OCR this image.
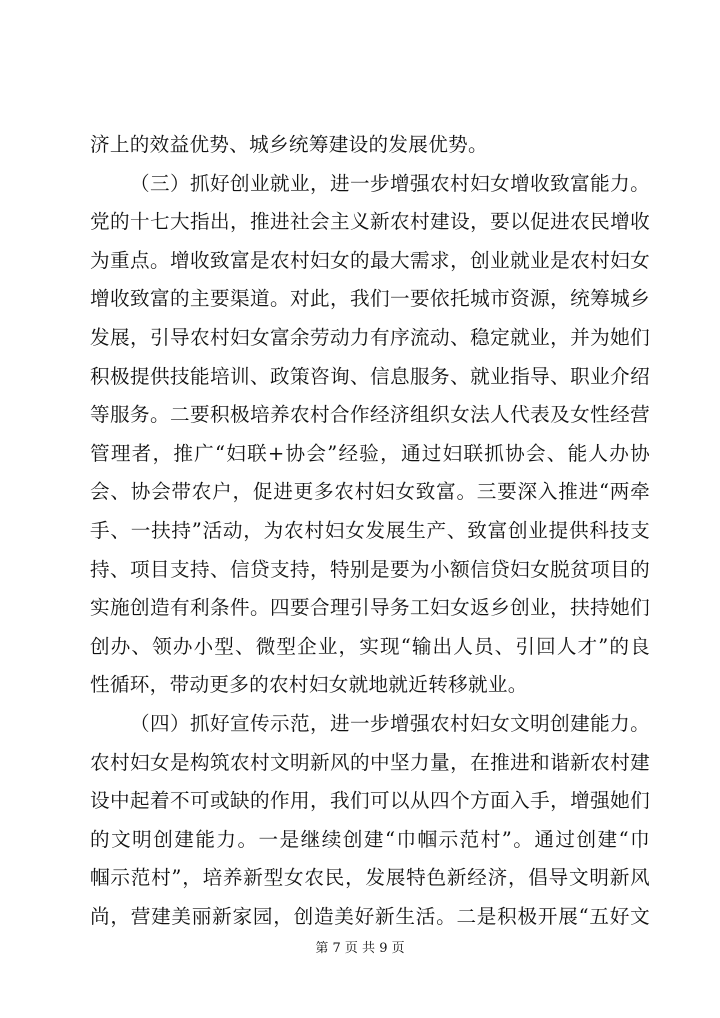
济上的效益优势、城乡统筹建设的发展优势。
（三）抓好创业就业，进一步增强农村妇女增收致富能力。
党的十七大指出，推进社会主义新农村建设，要以促进农民增收
为重点。增收致富是农村妇女的最大需求，创业就业是农村妇女
增收致富的主要渠道。对此，我们一要依托城市资源，统筹城乡
发展，引导农村妇女富余劳动力有序流动、稳定就业，并为她们
积极提供技能培训、政策咨询、信息服务、就业指导、职业介绍
等服务。二要积极培养农村合作经济组织女法人代表及女性经营
管理者，推广“妇联+协会”经验，通过妇联抓协会、能人办协
会、协会带农户，促进更多农村妇女致富。三要深入推进“两牵
手、一扶持”活动，为农村妇女发展生产、致富创业提供科技支
持、项目支持、信贷支持，特别是要为小额信贷妇女脱贫项目的
实施创造有利条件。四要合理引导务工妇女返乡创业，扶持她们
创办、领办小型、微型企业，实现“输出人员、引回人才”的良
性循环，带动更多的农村妇女就地就近转移就业。
（四）抓好宣传示范，进一步增强农村妇女文明创建能力。
农村妇女是构筑农村文明新风的中坚力量，在推进和谐新农村建
设中起着不可或缺的作用，我们可以从四个方面入手，增强她们
的文明创建能力。一是继续创建“巾帼示范村”。通过创建“巾
帼示范村”，培养新型女农民，发展特色新经济，倡导文明新风
尚，营建美丽新家园，创造美好新生活。二是积极开展“五好文
第 7 页 共 9 页
